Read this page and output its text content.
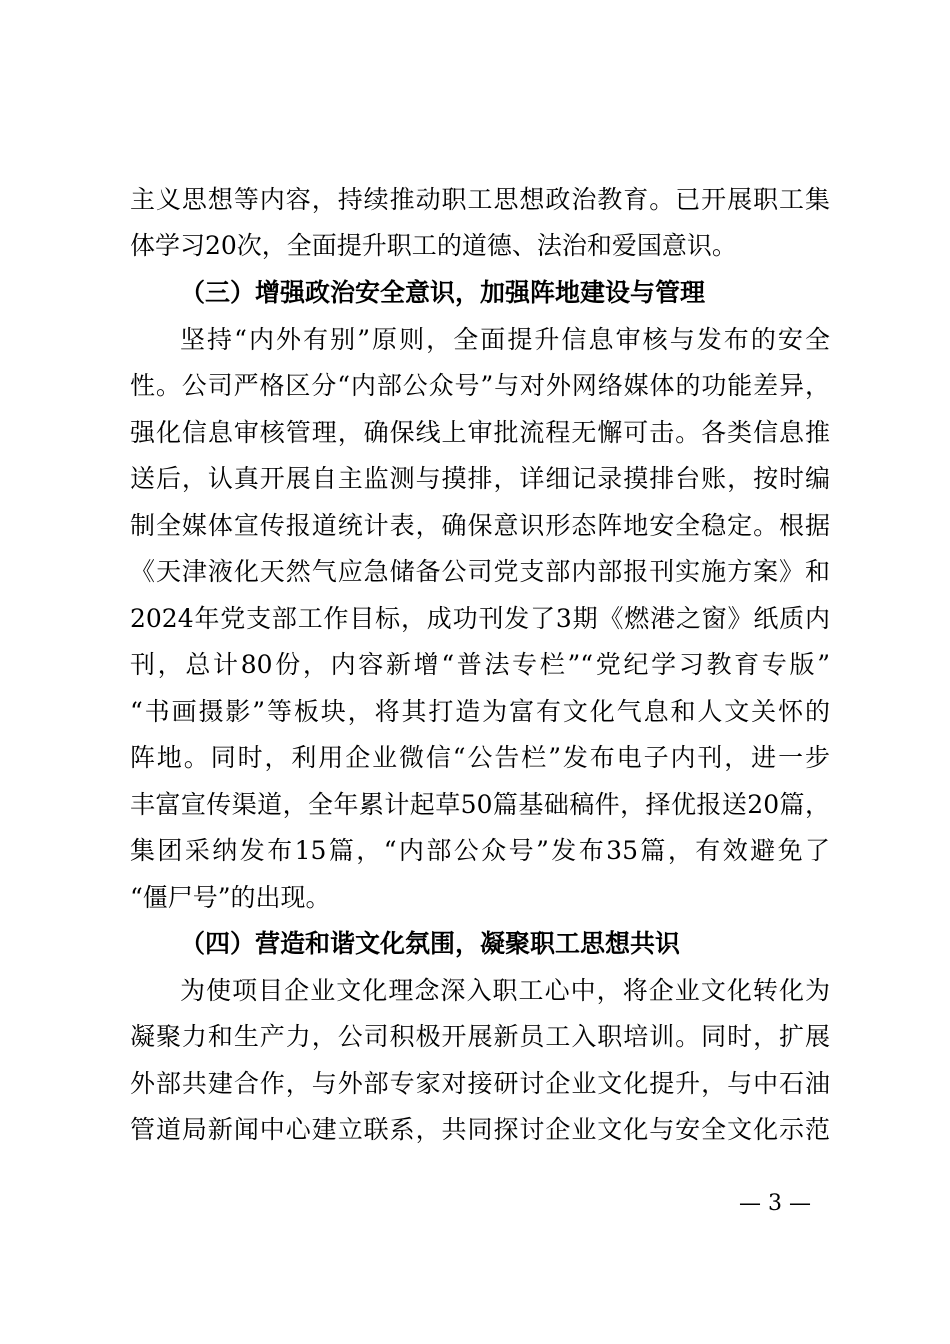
主义思想等内容，持续推动职工思想政治教育。已开展职工集
体学习20次，全面提升职工的道德、法治和爱国意识。
（三）增强政治安全意识，加强阵地建设与管理
坚持“内外有别”原则，全面提升信息审核与发布的安全
性。公司严格区分“内部公众号”与对外网络媒体的功能差异，
强化信息审核管理，确保线上审批流程无懈可击。各类信息推
送后，认真开展自主监测与摸排，详细记录摸排台账，按时编
制全媒体宣传报道统计表，确保意识形态阵地安全稳定。根据
《天津液化天然气应急储备公司党支部内部报刊实施方案》和
2024年党支部工作目标，成功刊发了3期《燃港之窗》纸质内
刊，总计80份，内容新增“普法专栏”“党纪学习教育专版”
“书画摄影”等板块，将其打造为富有文化气息和人文关怀的
阵地。同时，利用企业微信“公告栏”发布电子内刊，进一步
丰富宣传渠道，全年累计起草50篇基础稿件，择优报送20篇，
集团采纳发布15篇，“内部公众号”发布35篇，有效避免了
“僵尸号”的出现。
（四）营造和谐文化氛围，凝聚职工思想共识
为使项目企业文化理念深入职工心中，将企业文化转化为
凝聚力和生产力，公司积极开展新员工入职培训。同时，扩展
外部共建合作，与外部专家对接研讨企业文化提升，与中石油
管道局新闻中心建立联系，共同探讨企业文化与安全文化示范
— 3 —
